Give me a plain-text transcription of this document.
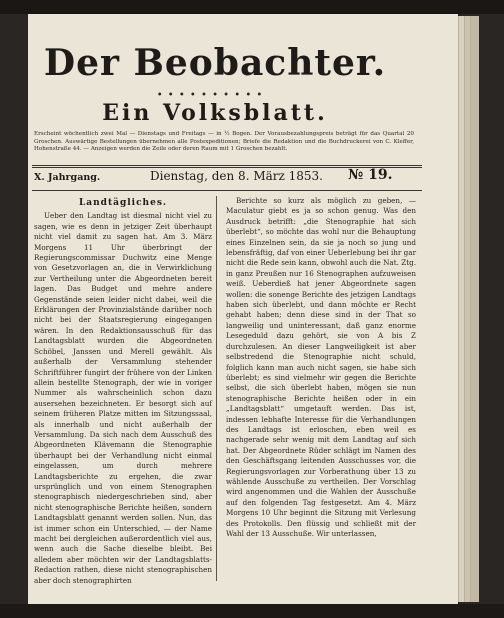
Der Beobachter.
• • • • • • • • • •
Ein Volksblatt.
Erscheint wöchentlich zwei Mal — Dienstags und Freitags — in ½ Bogen. Der Vorausbezahlungspreis beträgt für das Quartal 20 Groschen. Auswärtige Bestellungen übernehmen alle Postexpeditionen; Briefe die Redaktion und die Buchdruckerei von C. Kleffer, Hohenstraße 44. — Anzeigen werden die Zeile oder deren Raum mit 1 Groschen bezahlt.
X. Jahrgang.	Dienstag, den 8. März 1853. № 19.
Landtägliches.

Ueber den Landtag ist diesmal nicht viel zu sagen, wie es denn in jetziger Zeit überhaupt nicht viel damit zu sagen hat. Am 3. März Morgens 11 Uhr überbringt der Regierungscommissar Duchwitz eine Menge von Gesetzvorlagen an, die in Verwirklichung zur Vertheilung unter die Abgeordneten bereit lagen. Das Budget und mehre andere Gegenstände seien leider nicht dabei, weil die Erklärungen der Provinzialstände darüber noch nicht bei der Staatsregierung eingegangen wären. In den Redaktionsausschuß für das Landtagsblatt wurden die Abgeordneten Schöbel, Janssen und Merell gewählt. Als außerhalb der Versammlung stehender Schriftführer fungirt der frühere von der Linken allein bestellte Stenograph, der wie in voriger Nummer als wahrscheinlich schon dazu ausersehen bezeichneten. Er besorgt sich auf seinem früheren Platze mitten im Sitzungssaal, als innerhalb und nicht außerhalb der Versammlung. Da sich nach dem Ausschuß des Abgeordneten Klävemann die Stenographie überhaupt bei der Verhandlung nicht einmal eingelassen, um durch mehrere Landtagsberichte zu ergehen, die zwar ursprünglich und von einem Stenographen stenographisch niedergeschrieben sind, aber nicht stenographische Berichte heißen, sondern Landtagsblatt genannt werden sollen. Nun, das ist immer schon ein Unterschied, — der Name macht bei dergleichen außerordentlich viel aus, wenn auch die Sache dieselbe bleibt. Bei alledem aber möchten wir der Landtagsblatts-Redaction rathen, diese nicht stenographischen aber doch stenographirten

Berichte so kurz als möglich zu geben, — Maculatur giebt es ja so schon genug. Was den Ausdruck betrifft: „die Stenographie hat sich überlebt“, so möchte das wohl nur die Behauptung eines Einzelnen sein, da sie ja noch so jung und lebensfräftig, daf von einer Ueberlebung bei ihr gar nicht die Rede sein kann, obwohl auch die Nat. Ztg. in ganz Preußen nur 16 Stenographen aufzuweisen weiß. Ueberdieß hat jener Abgeordnete sagen wollen: die sonenge Berichte des jetzigen Landtags haben sich überlebt, und dann möchte er Recht gehabt haben; denn diese sind in der That so langweilig und uninteressant, daß ganz enorme Lesegeduld dazu gehört, sie von A bis Z durchzulesen. An dieser Langweiligkeit ist aber selbstredend die Stenographie nicht schuld, folglich kann man auch nicht sagen, sie habe sich überlebt; es sind vielmehr wir gegen die Berichte selbst, die sich überlebt haben, mögen sie nun stenographische Berichte heißen oder in ein „Landtagsblatt“ umgetauft werden. Das ist, indessen lebhafte Interesse für die Verhandlungen des Landtags ist erloschen, eben weil es nachgerade sehr wenig mit dem Landtag auf sich hat. Der Abgeordnete Rüder schlägt im Namen des den Geschäftsgang leitenden Ausschusses vor, die Regierungsvorlagen zur Vorberathung über 13 zu wählende Ausschuße zu vertheilen. Der Vorschlag wird angenommen und die Wahlen der Ausschuße auf den folgenden Tag festgesetzt. Am 4. März Morgens 10 Uhr beginnt die Sitzung mit Verlesung des Protokolls. Den flüssig und schließt mit der Wahl der 13 Ausschuße. Wir unterlassen,
